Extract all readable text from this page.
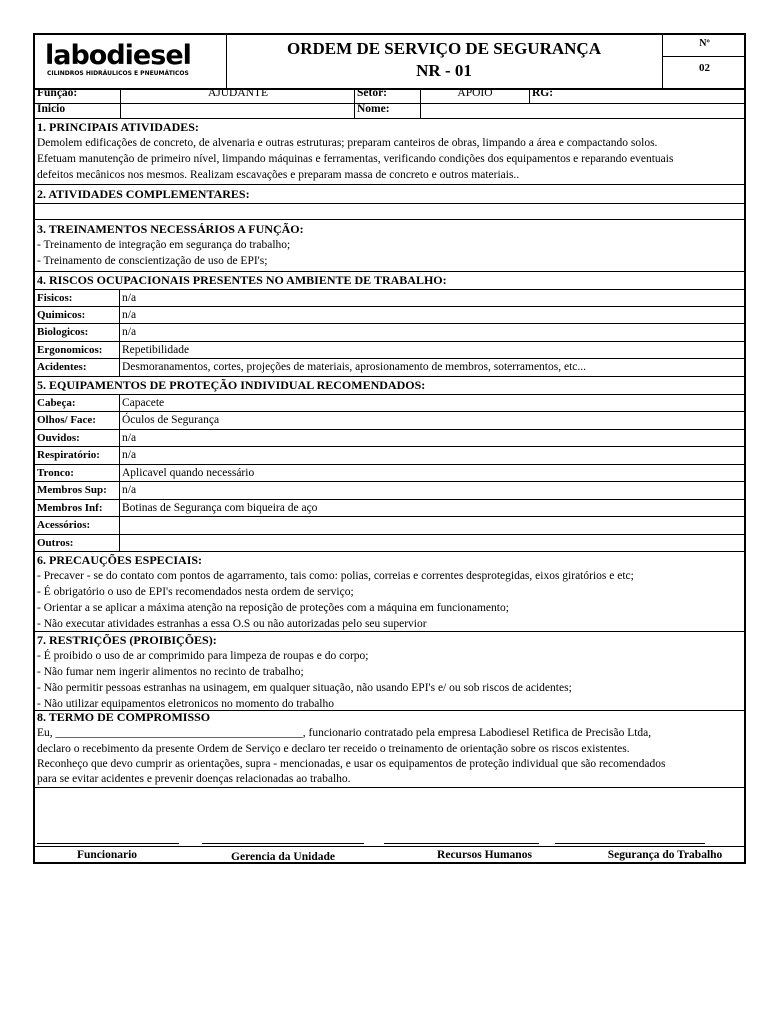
labodiesel
CILINDROS HIDRÁULICOS E PNEUMÁTICOS
ORDEM DE SERVIÇO DE SEGURANÇA
NR - 01
Nº
02
Função:	AJUDANTE	Setor:	APOIO	RG:
Inicio	Nome:
1. PRINCIPAIS ATIVIDADES:
Demolem edificações de concreto, de alvenaria e outras estruturas; preparam canteiros de obras, limpando a área e compactando solos.
Efetuam manutenção de primeiro nível, limpando máquinas e ferramentas, verificando condições dos equipamentos e reparando eventuais
defeitos mecânicos nos mesmos. Realizam escavações e preparam massa de concreto e outros materiais..
2. ATIVIDADES COMPLEMENTARES:
3. TREINAMENTOS NECESSÁRIOS A FUNÇÃO:
- Treinamento de integração em segurança do trabalho;
- Treinamento de conscientização de uso de EPI's;
4. RISCOS OCUPACIONAIS PRESENTES NO AMBIENTE DE TRABALHO:
Fisicos:	n/a
Quimicos:	n/a
Biologicos:	n/a
Ergonomicos: Repetibilidade
Acidentes:	Desmoranamentos, cortes, projeções de materiais, aprosionamento de membros, soterramentos, etc...
5. EQUIPAMENTOS DE PROTEÇÃO INDIVIDUAL RECOMENDADOS:
Cabeça:	Capacete
Olhos/ Face: Óculos de Segurança
Ouvidos:	n/a
Respiratório: n/a
Tronco:	Aplicavel quando necessário
Membros Sup: n/a
Membros Inf: Botinas de Segurança com biqueira de aço
Acessórios:
Outros:
6. PRECAUÇÕES ESPECIAIS:
- Precaver - se do contato com pontos de agarramento, tais como: polias, correias e correntes desprotegidas, eixos giratórios e etc;
- É obrigatório o uso de EPI's recomendados nesta ordem de serviço;
- Orientar a se aplicar a máxima atenção na reposição de proteções com a máquina em funcionamento;
- Não executar atividades estranhas a essa O.S ou não autorizadas pelo seu supervior
7. RESTRIÇÕES (PROIBIÇÕES):
- É proibido o uso de ar comprimido para limpeza de roupas e do corpo;
- Não fumar nem ingerir alimentos no recinto de trabalho;
- Não permitir pessoas estranhas na usinagem, em qualquer situação, não usando EPI's e/ ou sob riscos de acidentes;
- Não utilizar equipamentos eletronicos no momento do trabalho
8. TERMO DE COMPROMISSO
Eu, ___________________________________________, funcionario contratado pela empresa Labodiesel Retifica de Precisão Ltda,
declaro o recebimento da presente Ordem de Serviço e declaro ter receido o treinamento de orientação sobre os riscos existentes.
Reconheço que devo cumprir as orientações, supra - mencionadas, e usar os equipamentos de proteção individual que são recomendados
para se evitar acidentes e prevenir doenças relacionadas ao trabalho.
Funcionario	Gerencia da Unidade	Recursos Humanos	Segurança do Trabalho
